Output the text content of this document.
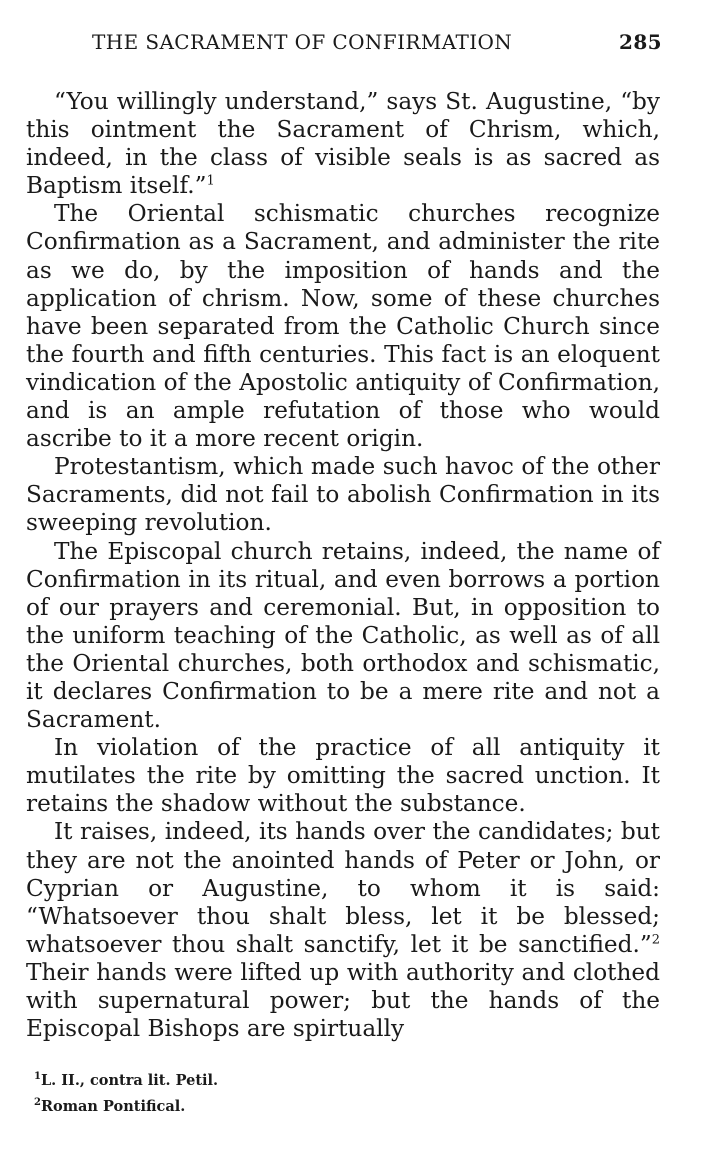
THE SACRAMENT OF CONFIRMATION	285

“You willingly understand,” says St. Augustine, “by this ointment the Sacrament of Chrism, which, indeed, in the class of visible seals is as sacred as Baptism itself.”$^1$

The Oriental schismatic churches recognize Confirmation as a Sacrament, and administer the rite as we do, by the imposition of hands and the application of chrism. Now, some of these churches have been separated from the Catholic Church since the fourth and fifth centuries. This fact is an eloquent vindication of the Apostolic antiquity of Confirmation, and is an ample refutation of those who would ascribe to it a more recent origin.

Protestantism, which made such havoc of the other Sacraments, did not fail to abolish Confirmation in its sweeping revolution.

The Episcopal church retains, indeed, the name of Confirmation in its ritual, and even borrows a portion of our prayers and ceremonial. But, in opposition to the uniform teaching of the Catholic, as well as of all the Oriental churches, both orthodox and schismatic, it declares Confirmation to be a mere rite and not a Sacrament.

In violation of the practice of all antiquity it mutilates the rite by omitting the sacred unction. It retains the shadow without the substance.

It raises, indeed, its hands over the candidates; but they are not the anointed hands of Peter or John, or Cyprian or Augustine, to whom it is said: “Whatsoever thou shalt bless, let it be blessed; whatsoever thou shalt sanctify, let it be sanctified.”$^2$ Their hands were lifted up with authority and clothed with supernatural power; but the hands of the Episcopal Bishops are spirtually

$^1$L. II., contra lit. Petil.

$^2$Roman Pontifical.
